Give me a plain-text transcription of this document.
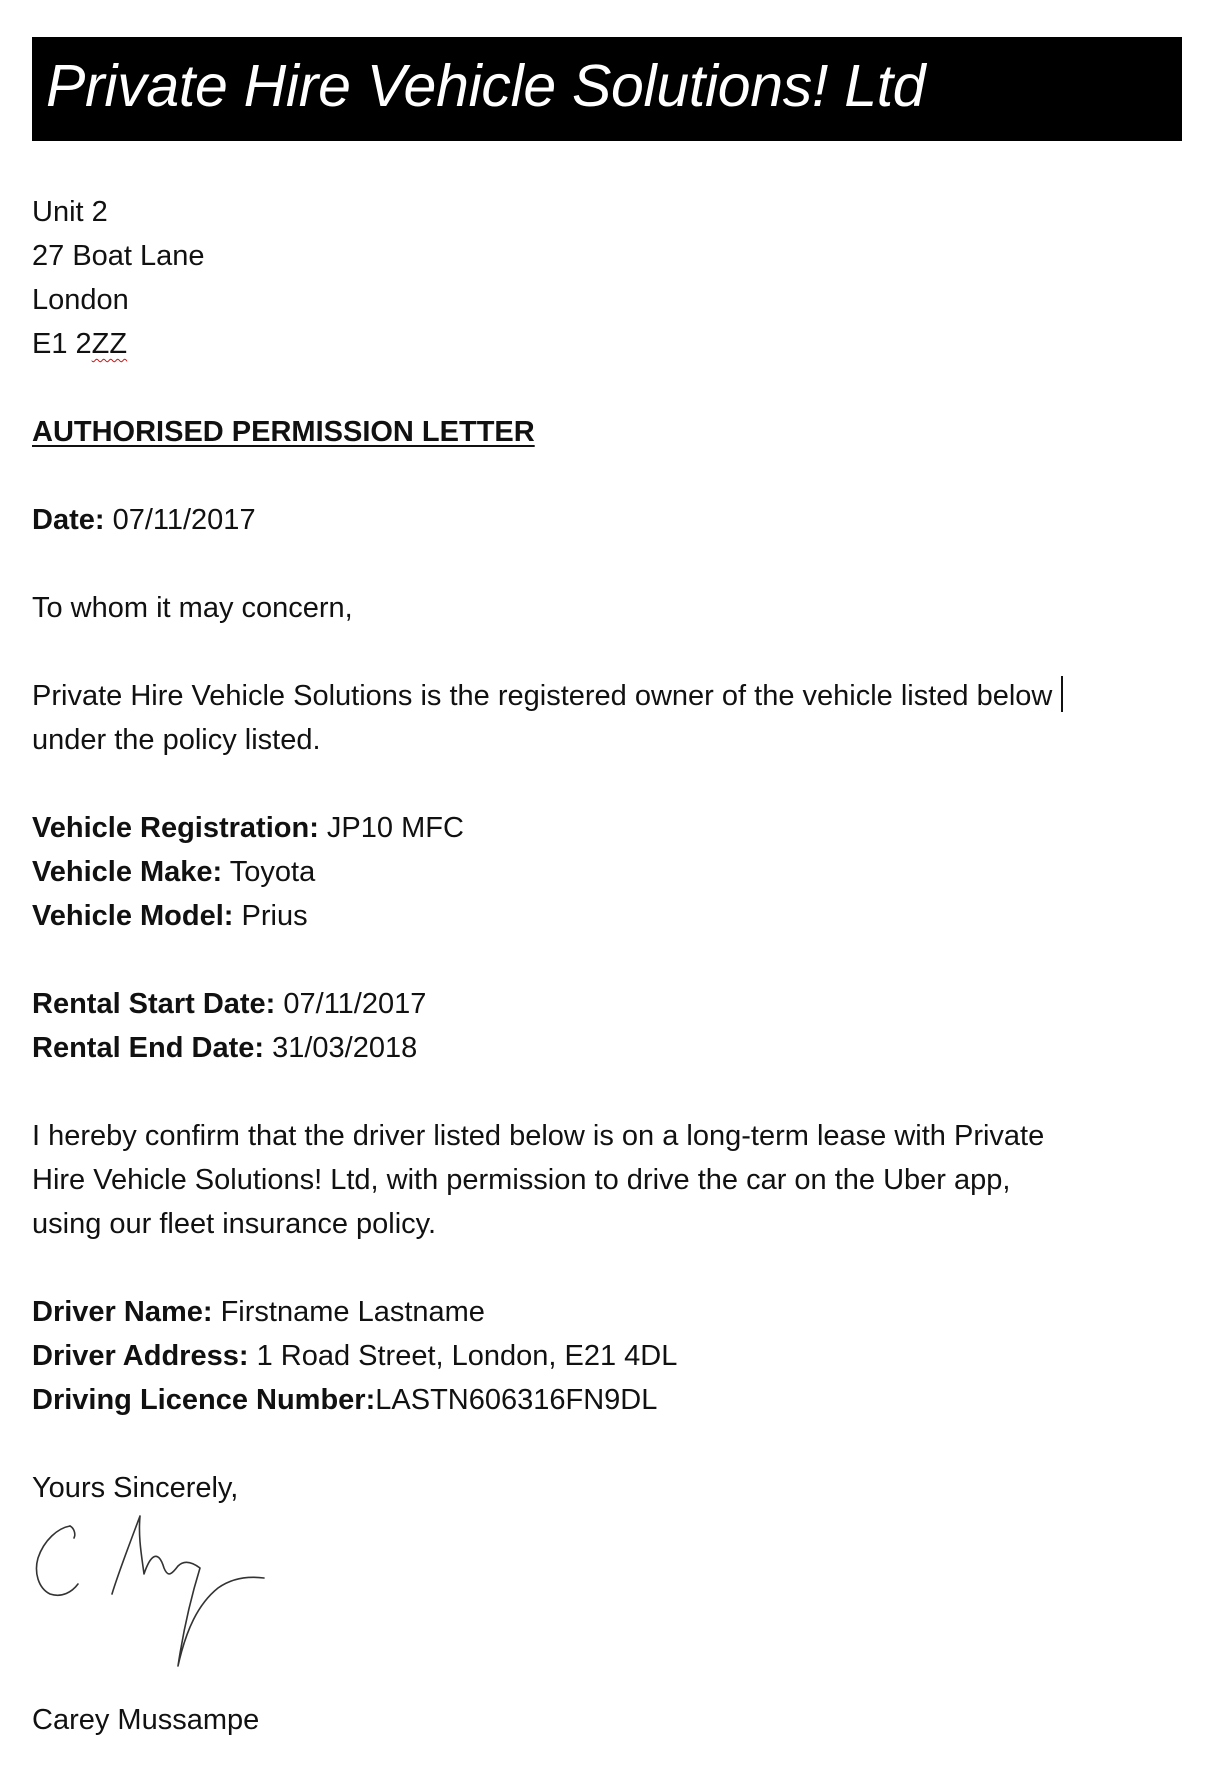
Private Hire Vehicle Solutions! Ltd
Unit 2
27 Boat Lane
London
E1 2ZZ
AUTHORISED PERMISSION LETTER
Date: 07/11/2017
To whom it may concern,
Private Hire Vehicle Solutions is the registered owner of the vehicle listed below
under the policy listed.
Vehicle Registration: JP10 MFC
Vehicle Make: Toyota
Vehicle Model: Prius
Rental Start Date: 07/11/2017
Rental End Date: 31/03/2018
I hereby confirm that the driver listed below is on a long-term lease with Private
Hire Vehicle Solutions! Ltd, with permission to drive the car on the Uber app,
using our fleet insurance policy.
Driver Name: Firstname Lastname
Driver Address: 1 Road Street, London, E21 4DL
Driving Licence Number:LASTN606316FN9DL
Yours Sincerely,
Carey Mussampe
